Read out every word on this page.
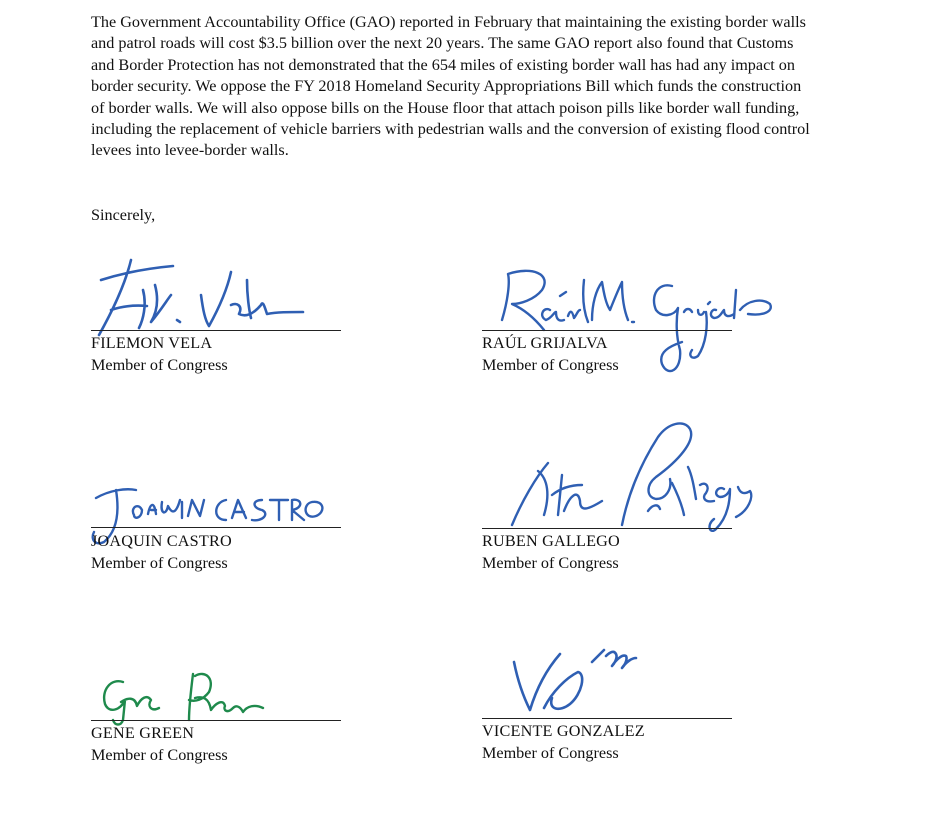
The Government Accountability Office (GAO) reported in February that maintaining the existing border walls and patrol roads will cost $3.5 billion over the next 20 years. The same GAO report also found that Customs and Border Protection has not demonstrated that the 654 miles of existing border wall has had any impact on border security. We oppose the FY 2018 Homeland Security Appropriations Bill which funds the construction of border walls. We will also oppose bills on the House floor that attach poison pills like border wall funding, including the replacement of vehicle barriers with pedestrian walls and the conversion of existing flood control levees into levee-border walls.

Sincerely,

FILEMON VELA
Member of Congress
JOAQUIN CASTRO
Member of Congress
GENE GREEN
Member of Congress
RAÚL GRIJALVA
Member of Congress
RUBEN GALLEGO
Member of Congress
VICENTE GONZALEZ
Member of Congress
